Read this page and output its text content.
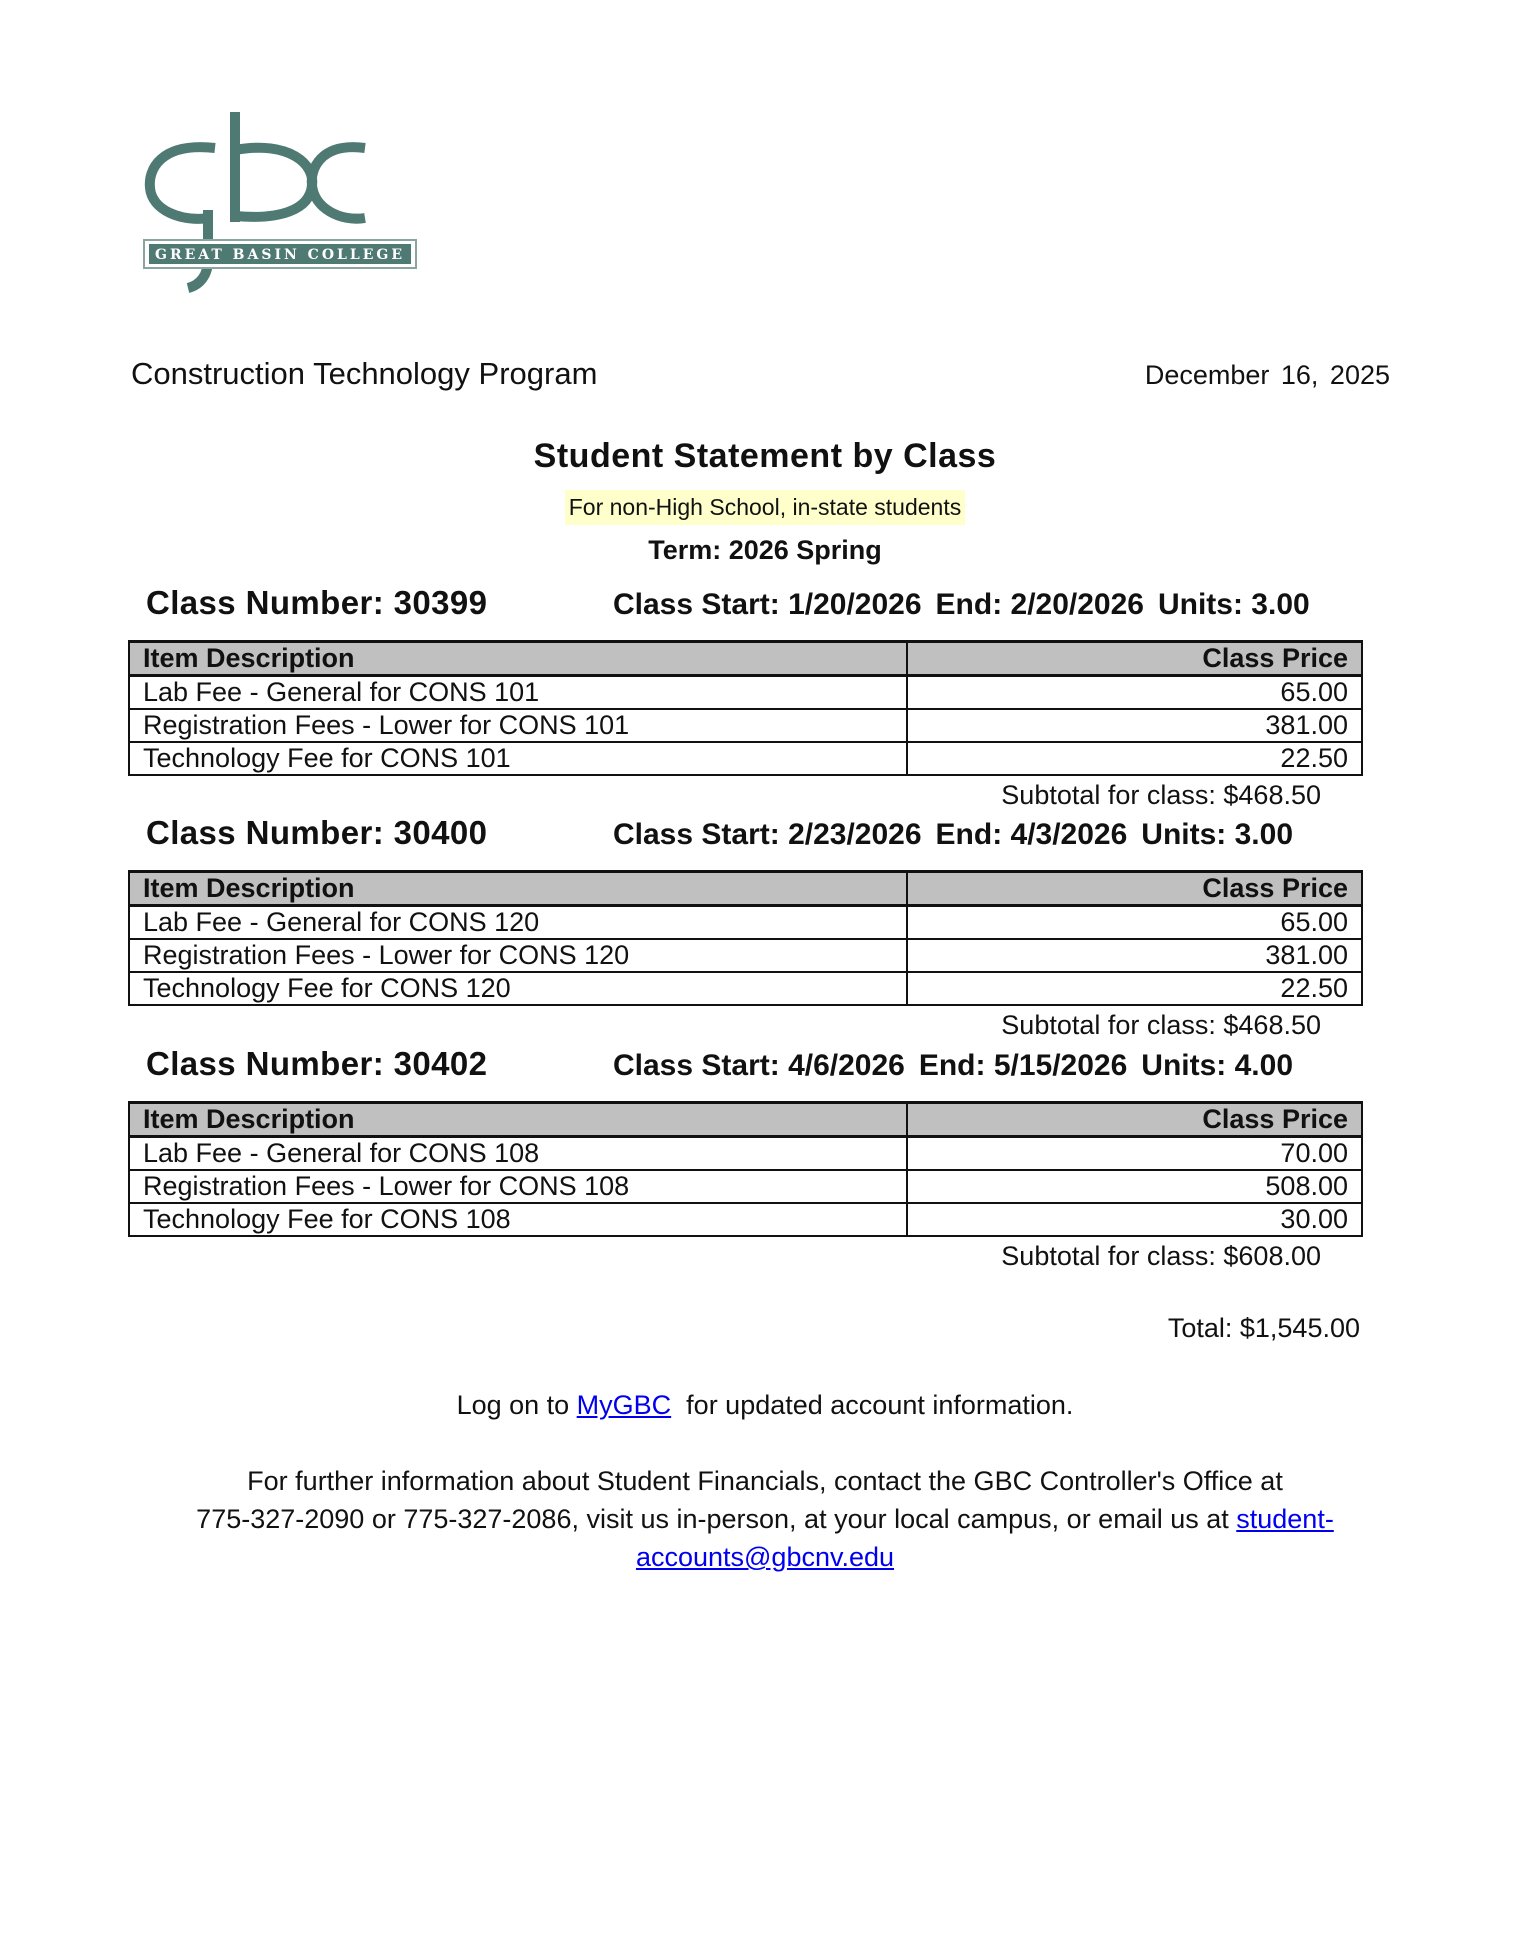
GREAT BASIN COLLEGE
Construction Technology Program	December 16, 2025
Student Statement by Class
For non-High School, in-state students
Term: 2026 Spring
Class Number: 30399	Class Start: 1/20/2026 End: 2/20/2026 Units: 3.00
Item Description	Class Price
Lab Fee - General for CONS 101	65.00
Registration Fees - Lower for CONS 101	381.00
Technology Fee for CONS 101	22.50
Subtotal for class: $468.50
Class Number: 30400	Class Start: 2/23/2026 End: 4/3/2026 Units: 3.00
Item Description	Class Price
Lab Fee - General for CONS 120	65.00
Registration Fees - Lower for CONS 120	381.00
Technology Fee for CONS 120	22.50
Subtotal for class: $468.50
Class Number: 30402	Class Start: 4/6/2026 End: 5/15/2026 Units: 4.00
Item Description	Class Price
Lab Fee - General for CONS 108	70.00
Registration Fees - Lower for CONS 108	508.00
Technology Fee for CONS 108	30.00
Subtotal for class: $608.00
Total: $1,545.00
Log on to MyGBC  for updated account information.
For further information about Student Financials, contact the GBC Controller's Office at
775-327-2090 or 775-327-2086, visit us in-person, at your local campus, or email us at student-accounts@gbcnv.edu
